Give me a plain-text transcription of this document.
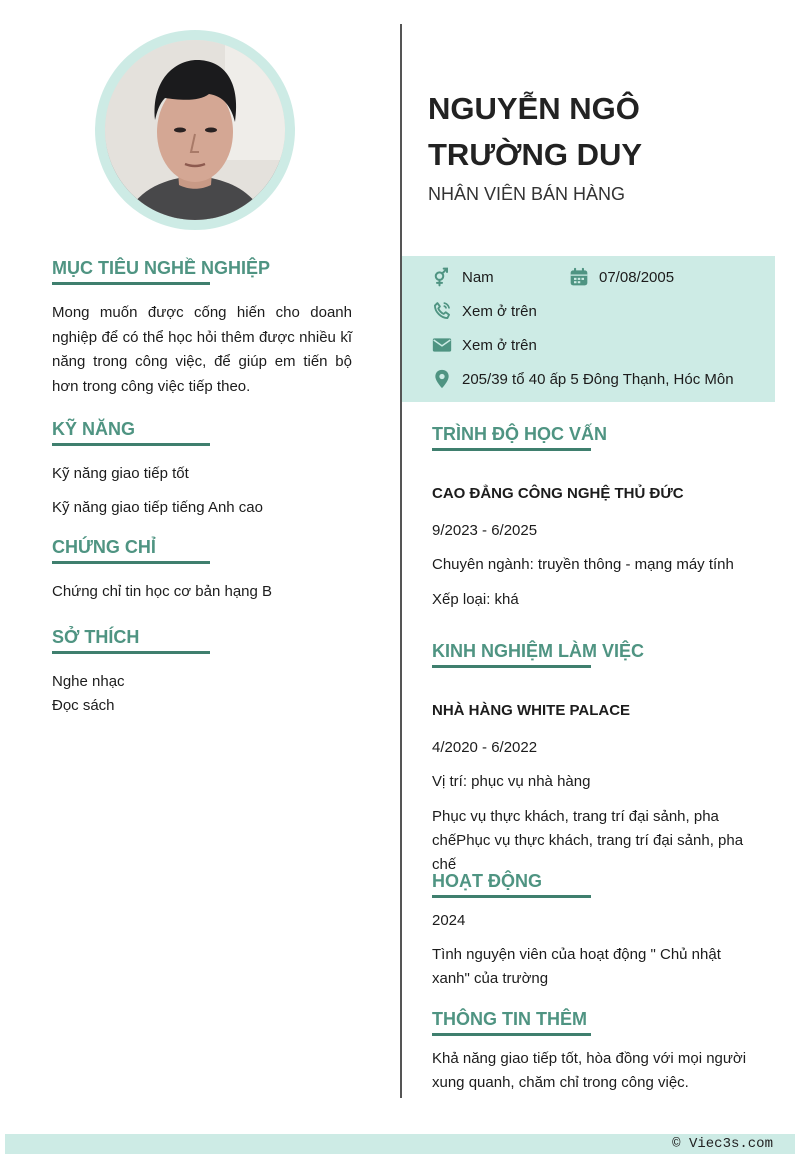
MỤC TIÊU NGHỀ NGHIỆP

Mong muốn được cống hiến cho doanh nghiệp để có thể học hỏi thêm được nhiều kĩ năng trong công việc, để giúp em tiến bộ hơn trong công việc tiếp theo.

KỸ NĂNG

Kỹ năng giao tiếp tốt

Kỹ năng giao tiếp tiếng Anh cao

CHỨNG CHỈ

Chứng chỉ tin học cơ bản hạng B

SỞ THÍCH

Nghe nhạc

Đọc sách

NGUYỄN NGÔ TRƯỜNG DUY

NHÂN VIÊN BÁN HÀNG

Nam	07/08/2005
Xem ở trên
Xem ở trên
205/39 tổ 40 ấp 5 Đông Thạnh, Hóc Môn
TRÌNH ĐỘ HỌC VẤN

CAO ĐẲNG CÔNG NGHỆ THỦ ĐỨC

9/2023 - 6/2025

Chuyên ngành: truyền thông - mạng máy tính

Xếp loại: khá

KINH NGHIỆM LÀM VIỆC

NHÀ HÀNG WHITE PALACE

4/2020 - 6/2022

Vị trí: phục vụ nhà hàng

Phục vụ thực khách, trang trí đại sảnh, pha chếPhục vụ thực khách, trang trí đại sảnh, pha chế

HOẠT ĐỘNG

2024

Tình nguyện viên của hoạt động " Chủ nhật xanh" của trường

THÔNG TIN THÊM

Khả năng giao tiếp tốt, hòa đồng với mọi người xung quanh, chăm chỉ trong công việc.

© Viec3s.com
